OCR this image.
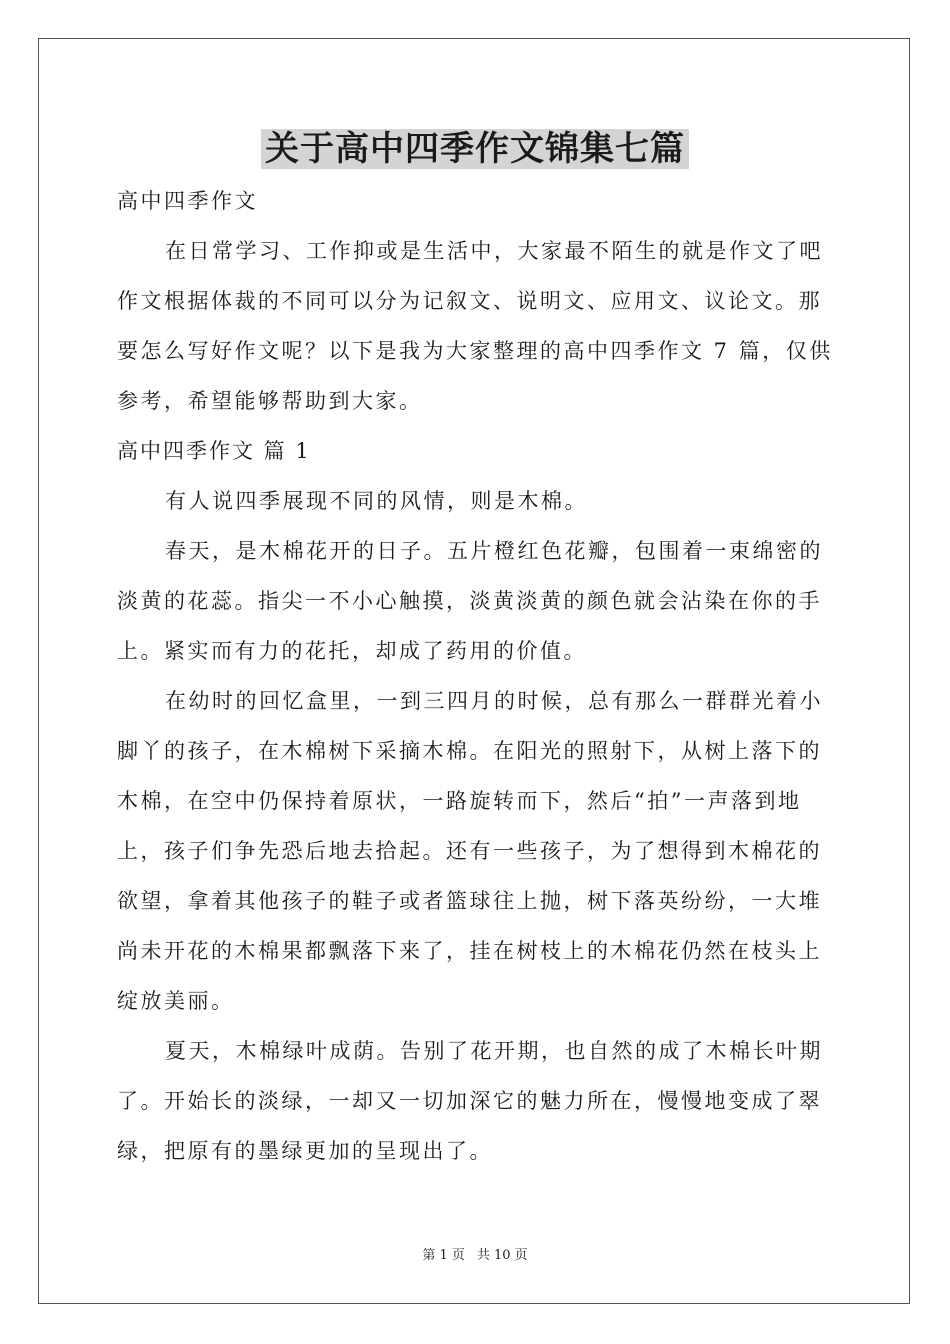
关于高中四季作文锦集七篇
高中四季作文
在日常学习、工作抑或是生活中，大家最不陌生的就是作文了吧
作文根据体裁的不同可以分为记叙文、说明文、应用文、议论文。那
要怎么写好作文呢？以下是我为大家整理的高中四季作文 7 篇，仅供
参考，希望能够帮助到大家。
高中四季作文 篇 1
有人说四季展现不同的风情，则是木棉。
春天，是木棉花开的日子。五片橙红色花瓣，包围着一束绵密的
淡黄的花蕊。指尖一不小心触摸，淡黄淡黄的颜色就会沾染在你的手
上。紧实而有力的花托，却成了药用的价值。
在幼时的回忆盒里，一到三四月的时候，总有那么一群群光着小
脚丫的孩子，在木棉树下采摘木棉。在阳光的照射下，从树上落下的
木棉，在空中仍保持着原状，一路旋转而下，然后“拍”一声落到地
上，孩子们争先恐后地去拾起。还有一些孩子，为了想得到木棉花的
欲望，拿着其他孩子的鞋子或者篮球往上抛，树下落英纷纷，一大堆
尚未开花的木棉果都飘落下来了，挂在树枝上的木棉花仍然在枝头上
绽放美丽。
夏天，木棉绿叶成荫。告别了花开期，也自然的成了木棉长叶期
了。开始长的淡绿，一却又一切加深它的魅力所在，慢慢地变成了翠
绿，把原有的墨绿更加的呈现出了。
第 1 页 共 10 页
